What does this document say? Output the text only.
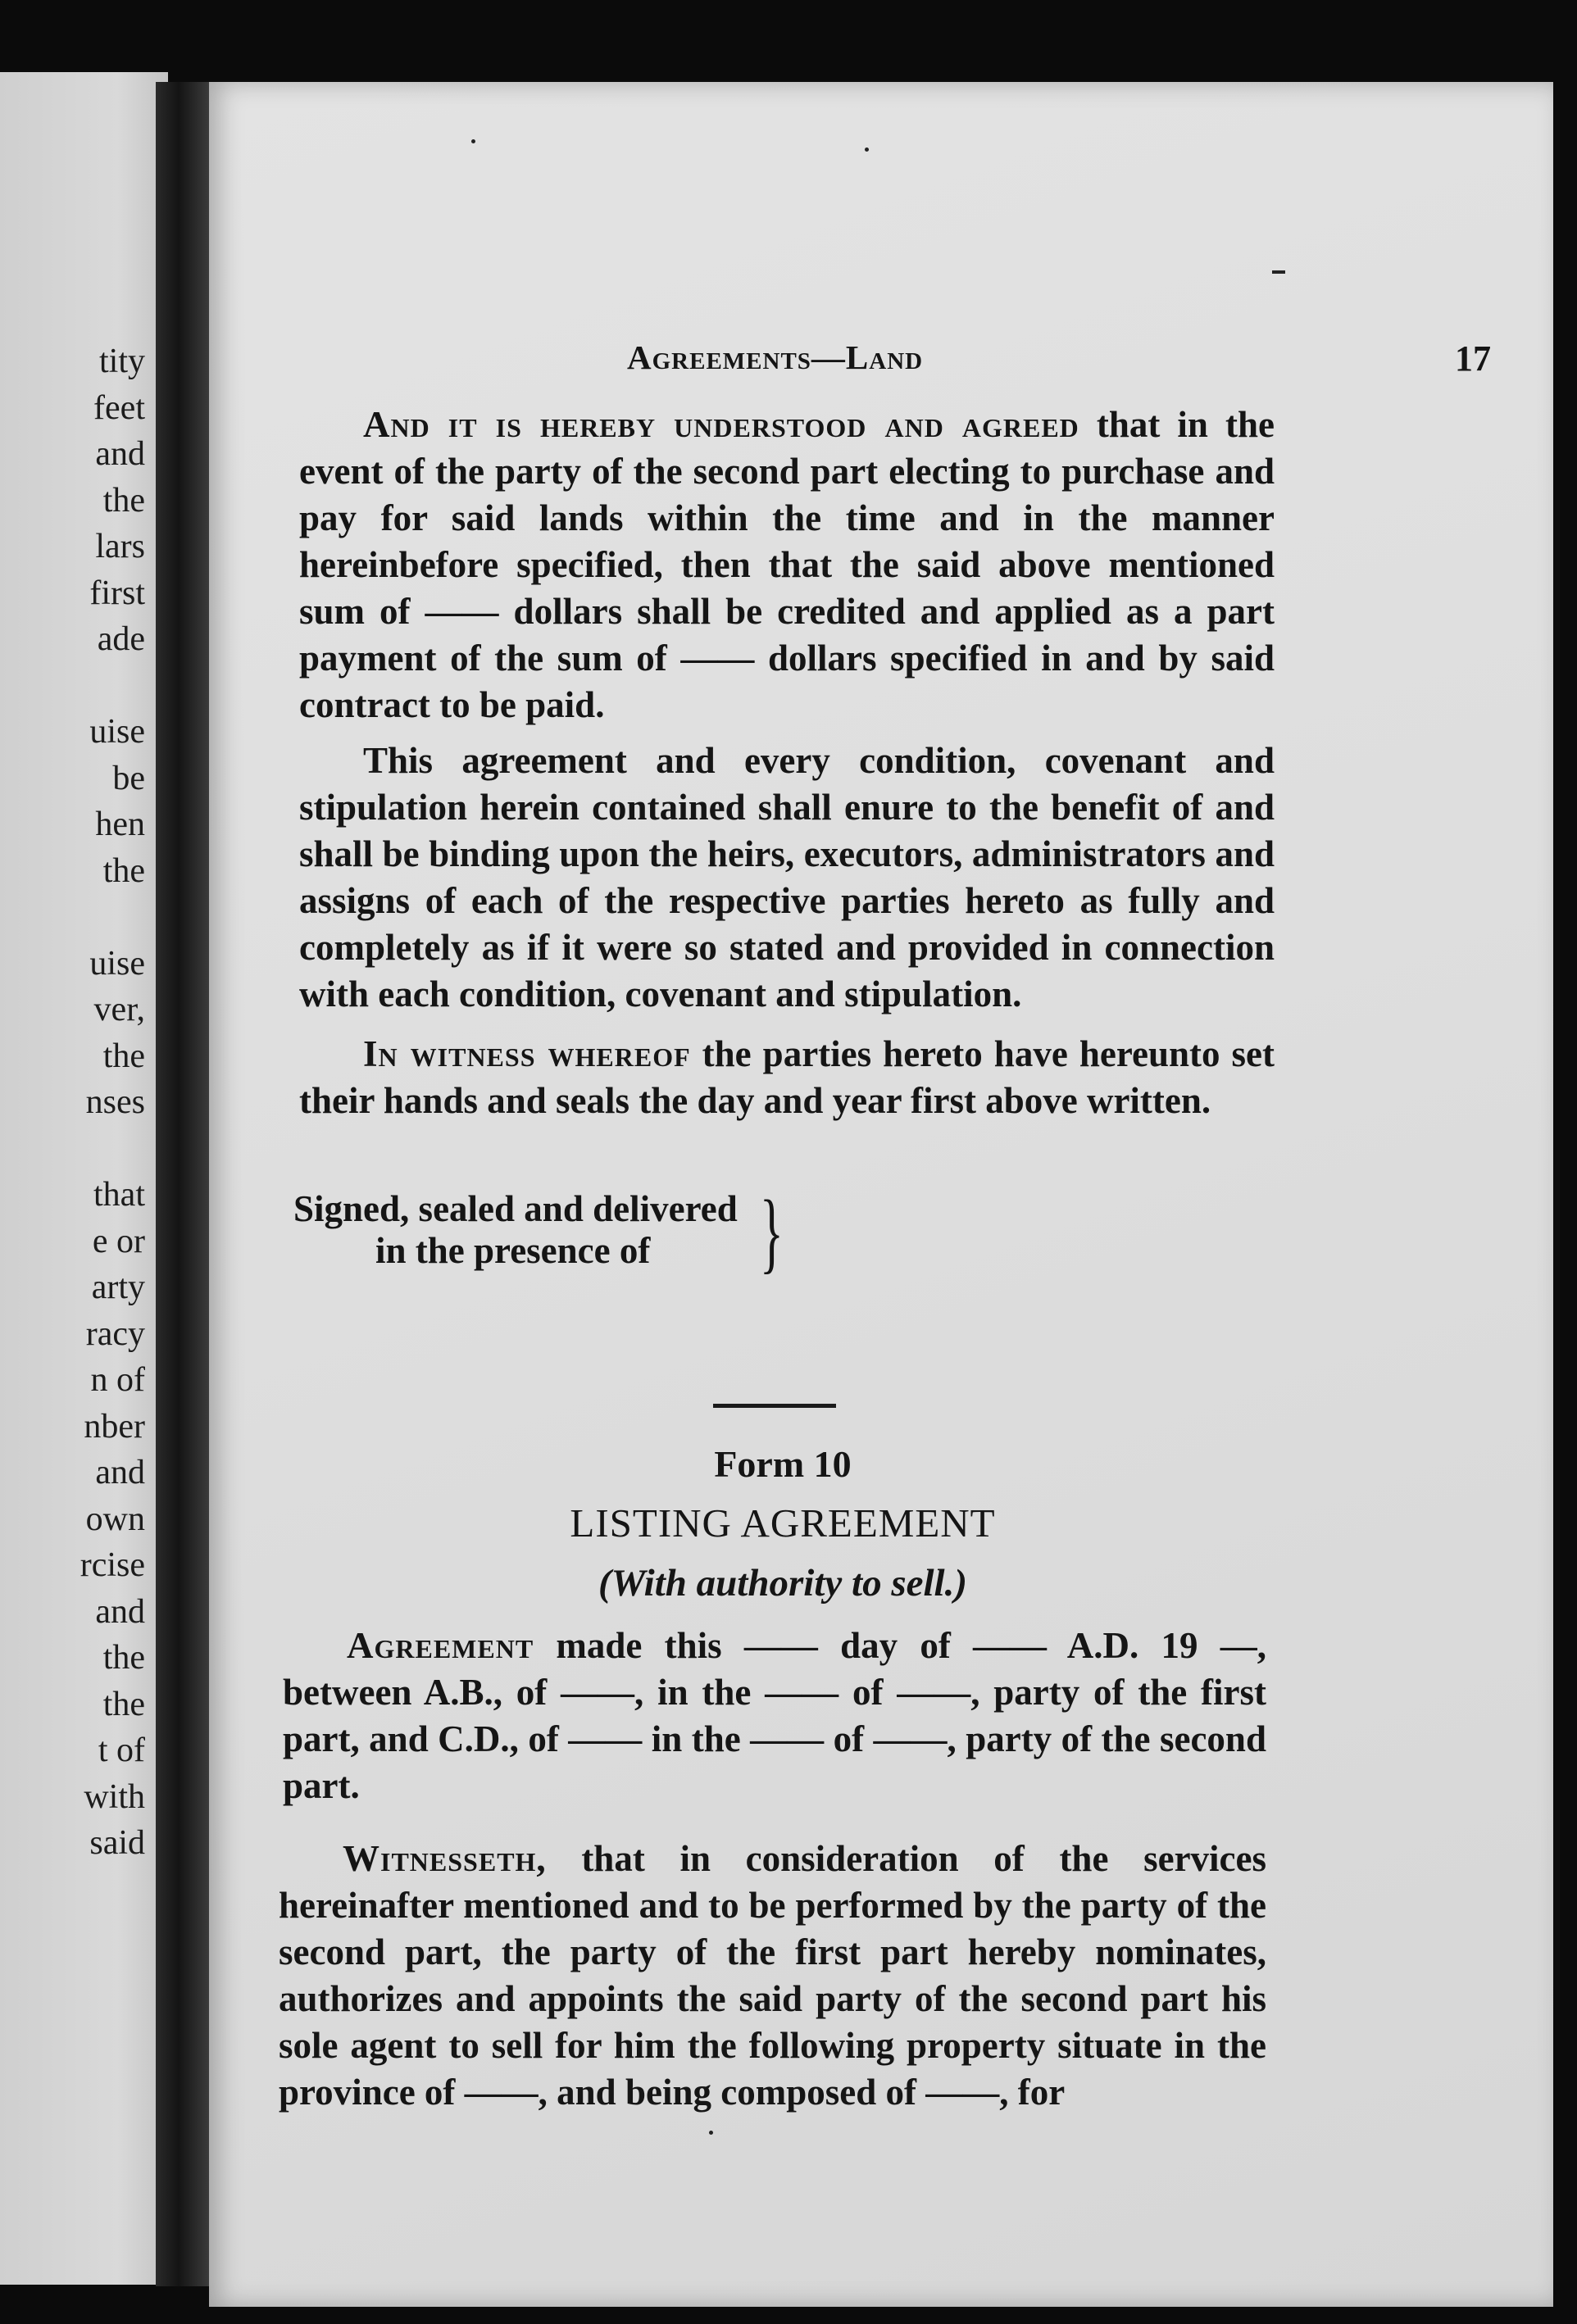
tity
feet
and
the
lars
first
ade
uise
be
hen
the
uise
ver,
the
nses
that
e or
arty
racy
n of
nber
and
own
rcise
and
the
the
t of
with
said
Agreements—Land	17
And it is hereby understood and agreed that in the event of the party of the second part electing to purchase and pay for said lands within the time and in the manner hereinbefore specified, then that the said above mentioned sum of —— dollars shall be credited and applied as a part payment of the sum of —— dollars specified in and by said contract to be paid.
This agreement and every condition, covenant and stipulation herein contained shall enure to the benefit of and shall be binding upon the heirs, executors, administrators and assigns of each of the respective parties hereto as fully and completely as if it were so stated and provided in connection with each condition, covenant and stipulation.
In witness whereof the parties hereto have hereunto set their hands and seals the day and year first above written.
Signed, sealed and delivered
in the presence of	}
Form 10
LISTING AGREEMENT
(With authority to sell.)
Agreement made this —— day of —— A.D. 19 —, between A.B., of ——, in the —— of ——, party of the first part, and C.D., of —— in the —— of ——, party of the second part.
Witnesseth, that in consideration of the services hereinafter mentioned and to be performed by the party of the second part, the party of the first part hereby nominates, authorizes and appoints the said party of the second part his sole agent to sell for him the following property situate in the province of ——, and being composed of ——, for
